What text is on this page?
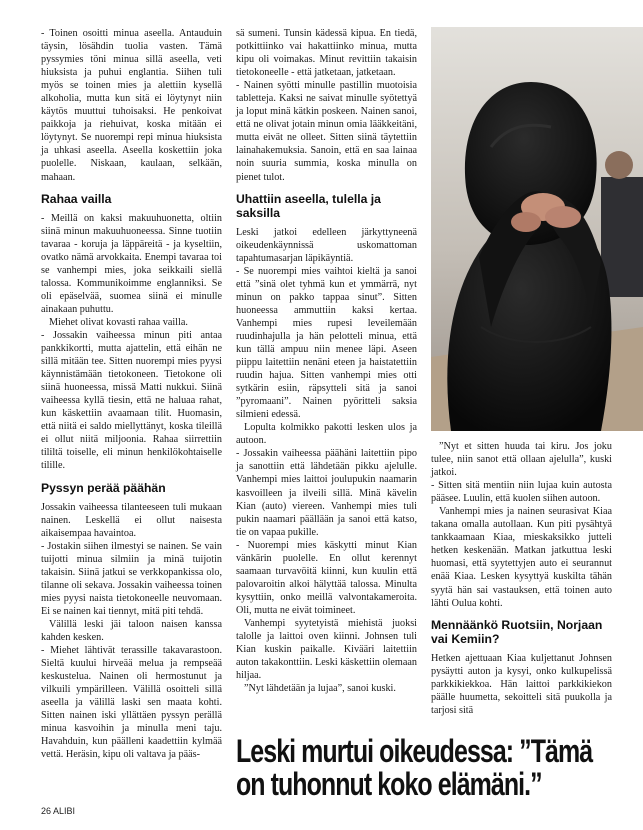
- Toinen osoitti minua aseella. Antauduin täysin, lösähdin tuolia vasten. Tämä pyssymies töni minua sillä aseella, veti hiuksista ja puhui englantia. Siihen tuli myös se toinen mies ja alettiin kysellä alkoholia, mutta kun sitä ei löytynyt niin käytös muuttui tuhoisaksi. He penkoivat paikkoja ja riehuivat, koska mitään ei löytynyt. Se nuorempi repi minua hiuksista ja uhkasi aseella. Aseella koskettiin joka puolelle. Niskaan, kaulaan, selkään, mahaan.

Rahaa vailla

- Meillä on kaksi makuuhuonetta, oltiin siinä minun makuuhuoneessa. Sinne tuotiin tavaraa - koruja ja läppäreitä - ja kyseltiin, ovatko nämä arvokkaita. Enempi tavaraa toi se vanhempi mies, joka seikkaili siellä talossa. Kommunikoimme englanniksi. Se oli epäselvää, suomea siinä ei minulle ainakaan puhuttu.

Miehet olivat kovasti rahaa vailla.

- Jossakin vaiheessa minun piti antaa pankkikortti, mutta ajattelin, että eihän ne sillä mitään tee. Sitten nuorempi mies pyysi käynnistämään tietokoneen. Tietokone oli siinä huoneessa, missä Matti nukkui. Siinä vaiheessa kyllä tiesin, että ne haluaa rahat, kun käskettiin avaamaan tilit. Huomasin, että niitä ei saldo miellyttänyt, koska tileillä ei ollut niitä miljoonia. Rahaa siirrettiin tililtä toiselle, eli minun henkilökohtaiselle tilille.

Pyssyn perää päähän

Jossakin vaiheessa tilanteeseen tuli mukaan nainen. Leskellä ei ollut naisesta aikaisempaa havaintoa.

- Jostakin siihen ilmestyi se nainen. Se vain tuijotti minua silmiin ja minä tuijotin takaisin. Siinä jatkui se verkkopankissa olo, tilanne oli sekava. Jossakin vaiheessa toinen mies pyysi naista tietokoneelle neuvomaan. Ei se nainen kai tiennyt, mitä piti tehdä.

Välillä leski jäi taloon naisen kanssa kahden kesken.

- Miehet lähtivät terassille takavarastoon. Sieltä kuului hirveää melua ja rempseää keskustelua. Nainen oli hermostunut ja vilkuili ympärilleen. Välillä osoitteli sillä aseella ja välillä laski sen maata kohti. Sitten nainen iski yllättäen pyssyn perällä minua kasvoihin ja minulla meni taju. Havahduin, kun päälleni kaadettiin kylmää vettä. Heräsin, kipu oli valtava ja pääs-

sä sumeni. Tunsin kädessä kipua. En tiedä, potkittiinko vai hakattiinko minua, mutta kipu oli voimakas. Minut revittiin takaisin tietokoneelle - että jatketaan, jatketaan.

- Nainen syötti minulle pastillin muotoisia tabletteja. Kaksi ne saivat minulle syötettyä ja loput minä kätkin poskeen. Nainen sanoi, että ne olivat jotain minun omia lääkkeitäni, mutta eivät ne olleet. Sitten siinä täytettiin lainahakemuksia. Sanoin, että en saa lainaa noin suuria summia, koska minulla on pienet tulot.

Uhattiin aseella, tulella ja saksilla

Leski jatkoi edelleen järkyttyneenä oikeudenkäynnissä uskomattoman tapahtumasarjan läpikäyntiä.

- Se nuorempi mies vaihtoi kieltä ja sanoi että ”sinä olet tyhmä kun et ymmärrä, nyt minun on pakko tappaa sinut”. Sitten huoneessa ammuttiin kaksi kertaa. Vanhempi mies rupesi leveilemään ruudinhajulla ja hän pelotteli minua, että kun tällä ampuu niin menee läpi. Aseen piippu laitettiin nenäni eteen ja haistatettiin ruudin hajua. Sitten vanhempi mies otti sytkärin esiin, räpsytteli sitä ja sanoi ”pyromaani”. Nainen pyöritteli saksia silmieni edessä.

Lopulta kolmikko pakotti lesken ulos ja autoon.

- Jossakin vaiheessa päähäni laitettiin pipo ja sanottiin että lähdetään pikku ajelulle. Vanhempi mies laittoi joulupukin naamarin kasvoilleen ja ilveili sillä. Minä kävelin Kian (auto) viereen. Vanhempi mies tuli pukin naamari päällään ja sanoi että katso, tie on vapaa pukille.

- Nuorempi mies käskytti minut Kian vänkärin puolelle. En ollut kerennyt saamaan turvavöitä kiinni, kun kuulin että palovaroitin alkoi hälyttää talossa. Minulta kysyttiin, onko meillä valvontakameroita. Oli, mutta ne eivät toimineet.

Vanhempi syytetyistä miehistä juoksi talolle ja laittoi oven kiinni. Johnsen tuli Kian kuskin paikalle. Kivääri laitettiin auton takakonttiin. Leski käskettiin olemaan hiljaa.

”Nyt lähdetään ja lujaa”, sanoi kuski.

”Nyt et sitten huuda tai kiru. Jos joku tulee, niin sanot että ollaan ajelulla”, kuski jatkoi.

- Sitten sitä mentiin niin lujaa kuin autosta pääsee. Luulin, että kuolen siihen autoon.

Vanhempi mies ja nainen seurasivat Kiaa takana omalla autollaan. Kun piti pysähtyä tankkaamaan Kiaa, mieskaksikko jutteli hetken keskenään. Matkan jatkuttua leski huomasi, että syytettyjen auto ei seurannut enää Kiaa. Lesken kysyttyä kuskilta tähän syytä hän sai vastauksen, että toinen auto lähti Oulua kohti.

Mennäänkö Ruotsiin, Norjaan vai Kemiin?

Hetken ajettuaan Kiaa kuljettanut Johnsen pysäytti auton ja kysyi, onko kulkupelissä parkkikiekkoa. Hän laittoi parkkikiekon päälle huumetta, sekoitteli sitä puukolla ja tarjosi sitä

Leski murtui oikeudessa: ”Tämä
on tuhonnut koko elämäni.”
26 ALIBI
